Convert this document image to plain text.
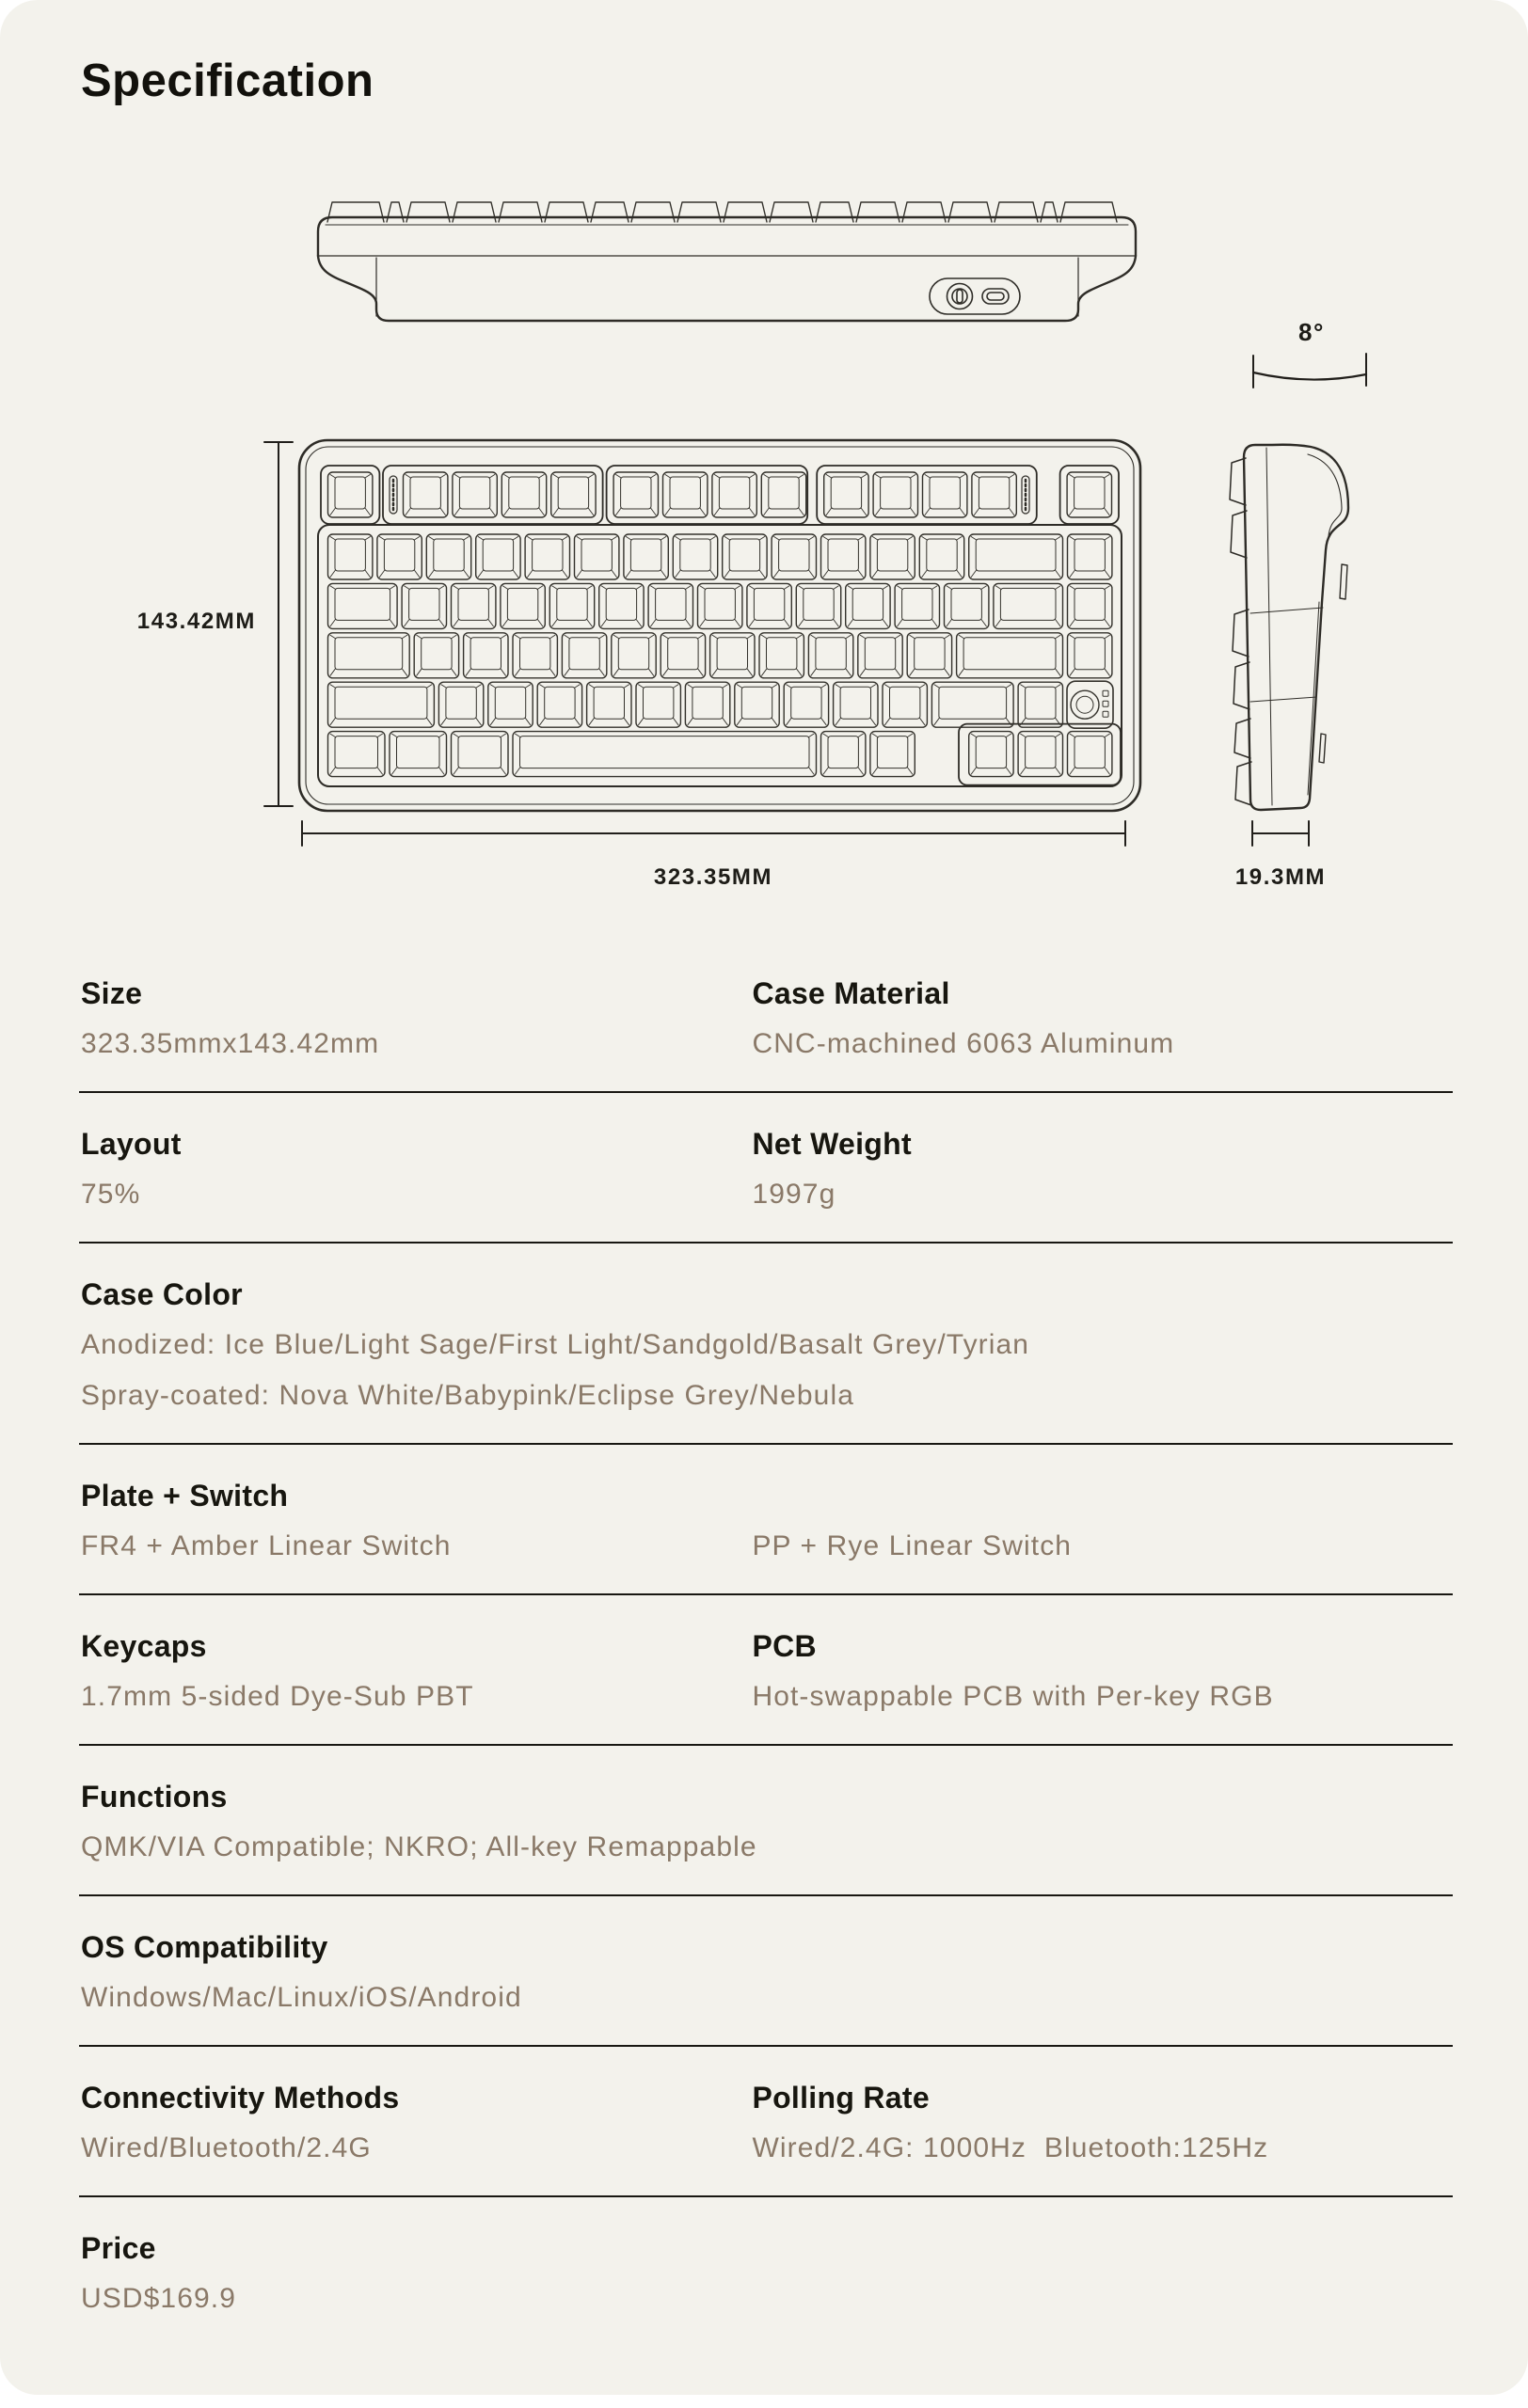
Specification
143.42MM
323.35MM	19.3MM
8°
Size
323.35mmx143.42mm
Case Material
CNC-machined 6063 Aluminum
Layout
75%
Net Weight
1997g
Case Color
Anodized: Ice Blue/Light Sage/First Light/Sandgold/Basalt Grey/Tyrian
Spray-coated: Nova White/Babypink/Eclipse Grey/Nebula
Plate + Switch
FR4 + Amber Linear Switch	PP + Rye Linear Switch
Keycaps
1.7mm 5-sided Dye-Sub PBT
PCB
Hot-swappable PCB with Per-key RGB
Functions
QMK/VIA Compatible; NKRO; All-key Remappable
OS Compatibility
Windows/Mac/Linux/iOS/Android
Connectivity Methods
Wired/Bluetooth/2.4G
Polling Rate
Wired/2.4G: 1000Hz  Bluetooth:125Hz
Price
USD$169.9
